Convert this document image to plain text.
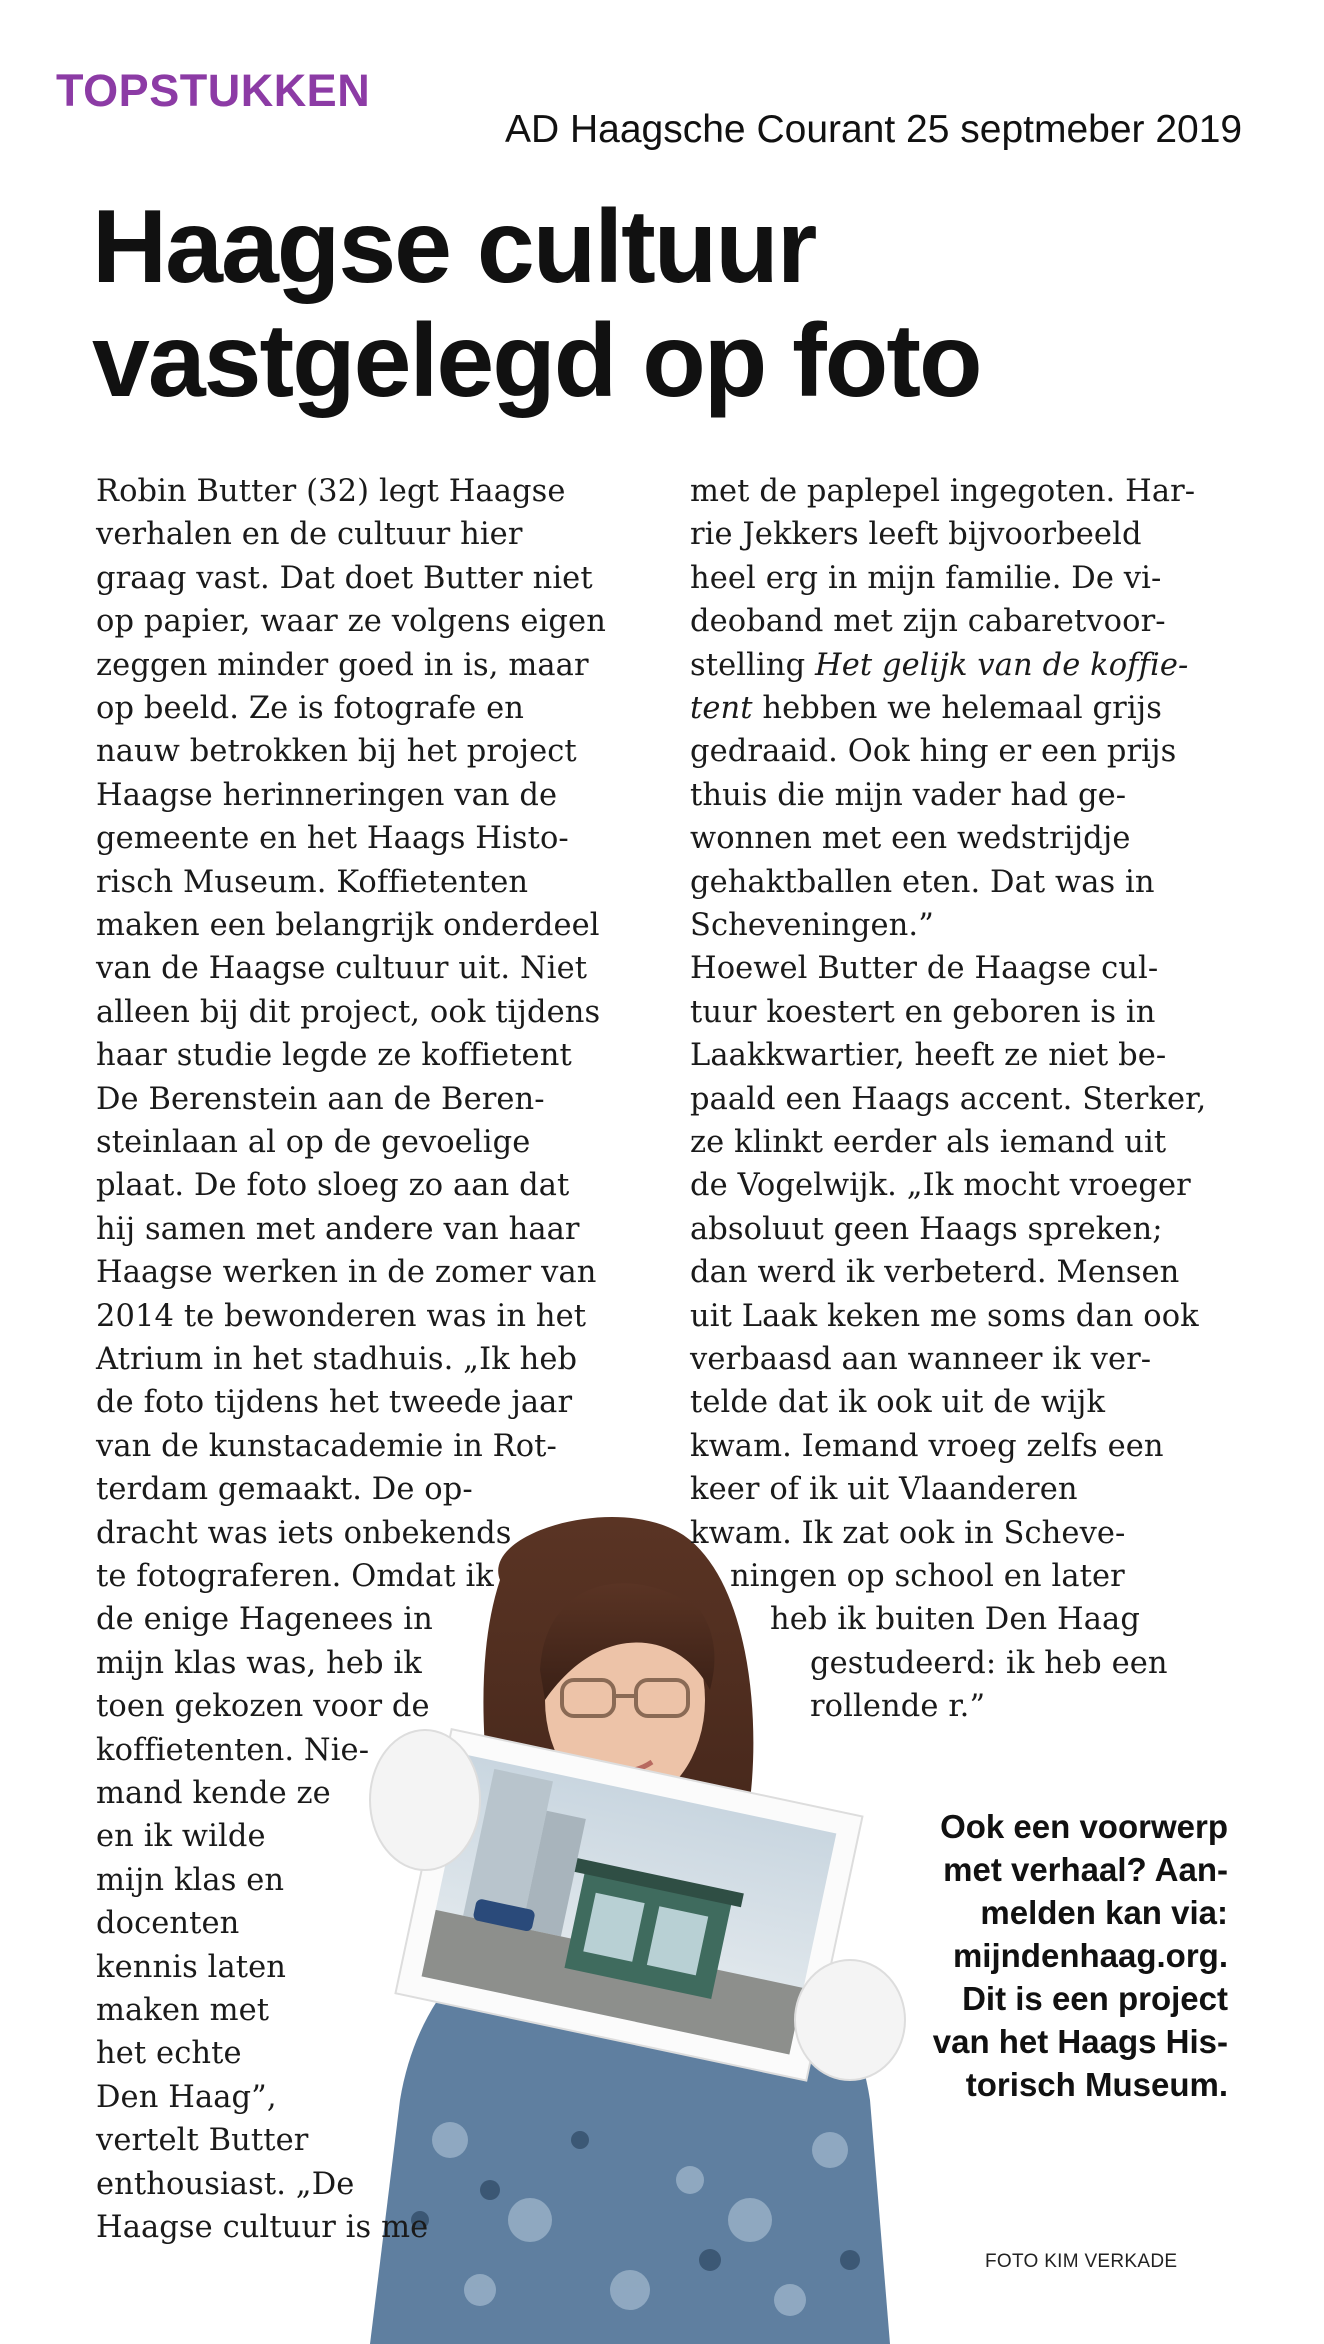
TOPSTUKKEN
AD Haagsche Courant 25 septmeber 2019
Haagse cultuur
vastgelegd op foto
Robin Butter (32) legt Haagse
verhalen en de cultuur hier
graag vast. Dat doet Butter niet
op papier, waar ze volgens eigen
zeggen minder goed in is, maar
op beeld. Ze is fotografe en
nauw betrokken bij het project
Haagse herinneringen van de
gemeente en het Haags Histo-
risch Museum. Koffietenten
maken een belangrijk onderdeel
van de Haagse cultuur uit. Niet
alleen bij dit project, ook tijdens
haar studie legde ze koffietent
De Berenstein aan de Beren-
steinlaan al op de gevoelige
plaat. De foto sloeg zo aan dat
hij samen met andere van haar
Haagse werken in de zomer van
2014 te bewonderen was in het
Atrium in het stadhuis. „Ik heb
de foto tijdens het tweede jaar
van de kunstacademie in Rot-
terdam gemaakt. De op-
dracht was iets onbekends
te fotograferen. Omdat ik
de enige Hagenees in
mijn klas was, heb ik
toen gekozen voor de
koffietenten. Nie-
mand kende ze
en ik wilde
mijn klas en
docenten
kennis laten
maken met
het echte
Den Haag”,
vertelt Butter
enthousiast. „De
Haagse cultuur is me
met de paplepel ingegoten. Har-
rie Jekkers leeft bijvoorbeeld
heel erg in mijn familie. De vi-
deoband met zijn cabaretvoor-
stelling Het gelijk van de koffie-
tent hebben we helemaal grijs
gedraaid. Ook hing er een prijs
thuis die mijn vader had ge-
wonnen met een wedstrijdje
gehaktballen eten. Dat was in
Scheveningen.”
Hoewel Butter de Haagse cul-
tuur koestert en geboren is in
Laakkwartier, heeft ze niet be-
paald een Haags accent. Sterker,
ze klinkt eerder als iemand uit
de Vogelwijk. „Ik mocht vroeger
absoluut geen Haags spreken;
dan werd ik verbeterd. Mensen
uit Laak keken me soms dan ook
verbaasd aan wanneer ik ver-
telde dat ik ook uit de wijk
kwam. Iemand vroeg zelfs een
keer of ik uit Vlaanderen
kwam. Ik zat ook in Scheve-
ningen op school en later
heb ik buiten Den Haag
gestudeerd: ik heb een
rollende r.”
Ook een voorwerp
met verhaal? Aan-
melden kan via:
mijndenhaag.org.
Dit is een project
van het Haags His-
torisch Museum.
FOTO KIM VERKADE
